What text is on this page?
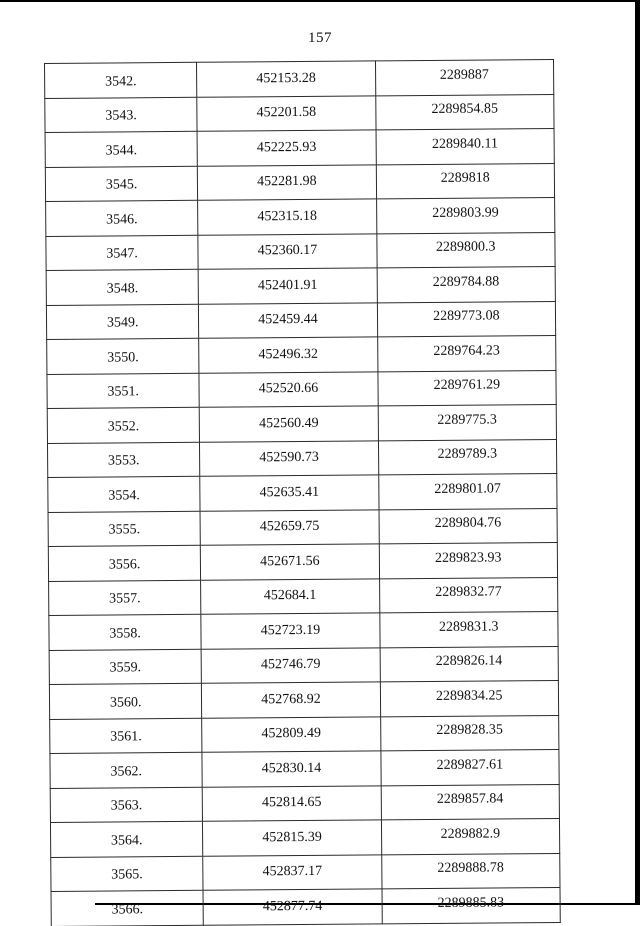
157
3542.	452153.28	2289887
3543.	452201.58	2289854.85
3544.	452225.93	2289840.11
3545.	452281.98	2289818
3546.	452315.18	2289803.99
3547.	452360.17	2289800.3
3548.	452401.91	2289784.88
3549.	452459.44	2289773.08
3550.	452496.32	2289764.23
3551.	452520.66	2289761.29
3552.	452560.49	2289775.3
3553.	452590.73	2289789.3
3554.	452635.41	2289801.07
3555.	452659.75	2289804.76
3556.	452671.56	2289823.93
3557.	452684.1	2289832.77
3558.	452723.19	2289831.3
3559.	452746.79	2289826.14
3560.	452768.92	2289834.25
3561.	452809.49	2289828.35
3562.	452830.14	2289827.61
3563.	452814.65	2289857.84
3564.	452815.39	2289882.9
3565.	452837.17	2289888.78
3566.	452877.74	2289885.83
